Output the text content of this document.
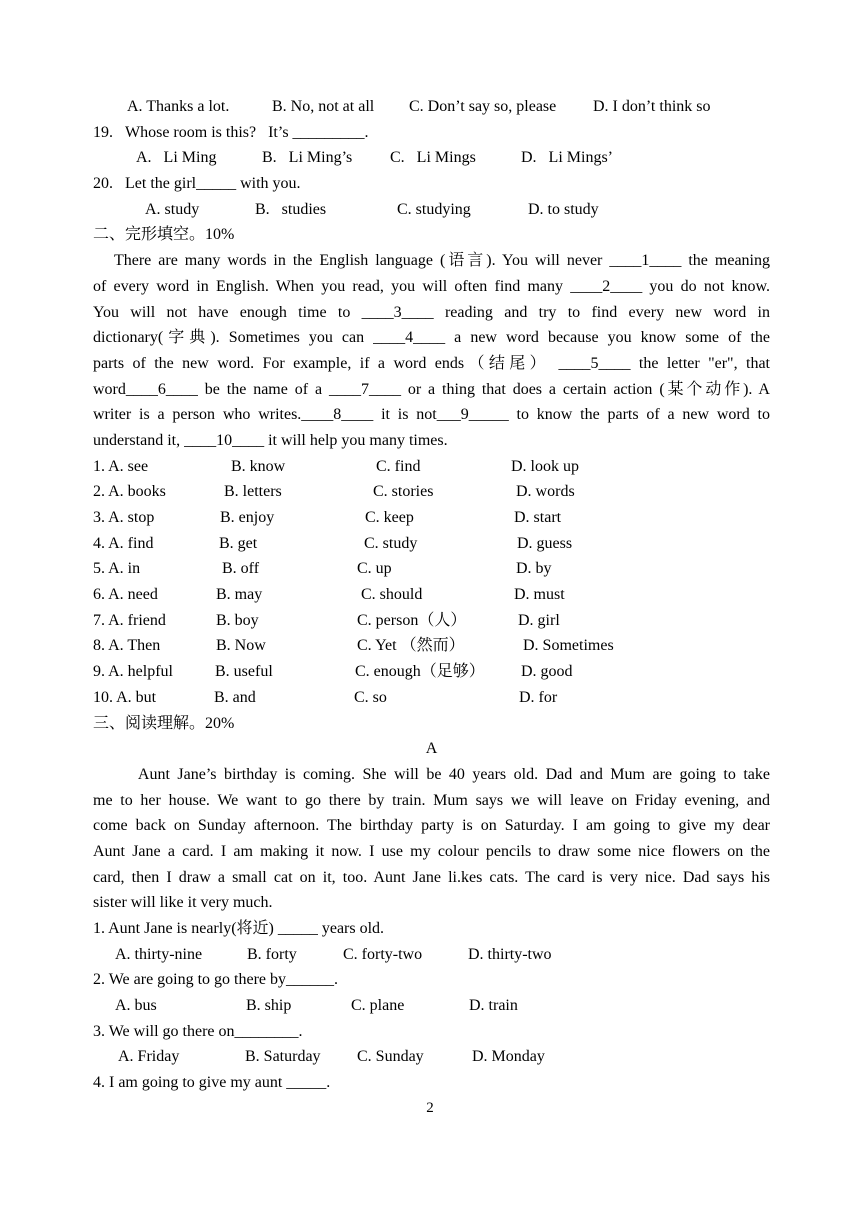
A. Thanks a lot.	B. No, not at all C. Don’t say so, please D. I don’t think so
19.   Whose room is this?   It’s _________.
A.   Li Ming	B.   Li Ming’s C.   Li Mings	D.   Li Mings’
20.   Let the girl_____ with you.
A. study	B.   studies	C. studying	D. to study
二、完形填空。10%
There are many words in the English language (语言). You will never ____1____ the meaning
of every word in English. When you read, you will often find many ____2____ you do not know.
You will not have enough time to ____3____ reading and try to find every new word in
dictionary(字典). Sometimes you can ____4____ a new word because you know some of the
parts of the new word. For example, if a word ends（结尾） ____5____ the letter "er", that
word____6____ be the name of a ____7____ or a thing that does a certain action (某个动作). A
writer is a person who writes.____8____ it is not___9_____ to know the parts of a new word to
understand it, ____10____ it will help you many times.
1. A. see	B. know	C. find	D. look up
2. A. books	B. letters	C. stories	D. words
3. A. stop	B. enjoy	C. keep	D. start
4. A. find	B. get	C. study	D. guess
5. A. in	B. off	C. up	D. by
6. A. need	B. may	C. should	D. must
7. A. friend	B. boy	C. person（人）	D. girl
8. A. Then	B. Now	C. Yet （然而）	D. Sometimes
9. A. helpful	B. useful	C. enough（足够） D. good
10. A. but	B. and	C. so	D. for
三、阅读理解。20%
A
Aunt Jane’s birthday is coming. She will be 40 years old. Dad and Mum are going to take
me to her house. We want to go there by train. Mum says we will leave on Friday evening, and
come back on Sunday afternoon. The birthday party is on Saturday. I am going to give my dear
Aunt Jane a card. I am making it now. I use my colour pencils to draw some nice flowers on the
card, then I draw a small cat on it, too. Aunt Jane li.kes cats. The card is very nice. Dad says his
sister will like it very much.
1. Aunt Jane is nearly(将近) _____ years old.
A. thirty-nine	B. forty	C. forty-two	D. thirty-two
2. We are going to go there by______.
A. bus	B. ship	C. plane	D. train
3. We will go there on________.
A. Friday	B. Saturday C. Sunday	D. Monday
4. I am going to give my aunt _____.
2
